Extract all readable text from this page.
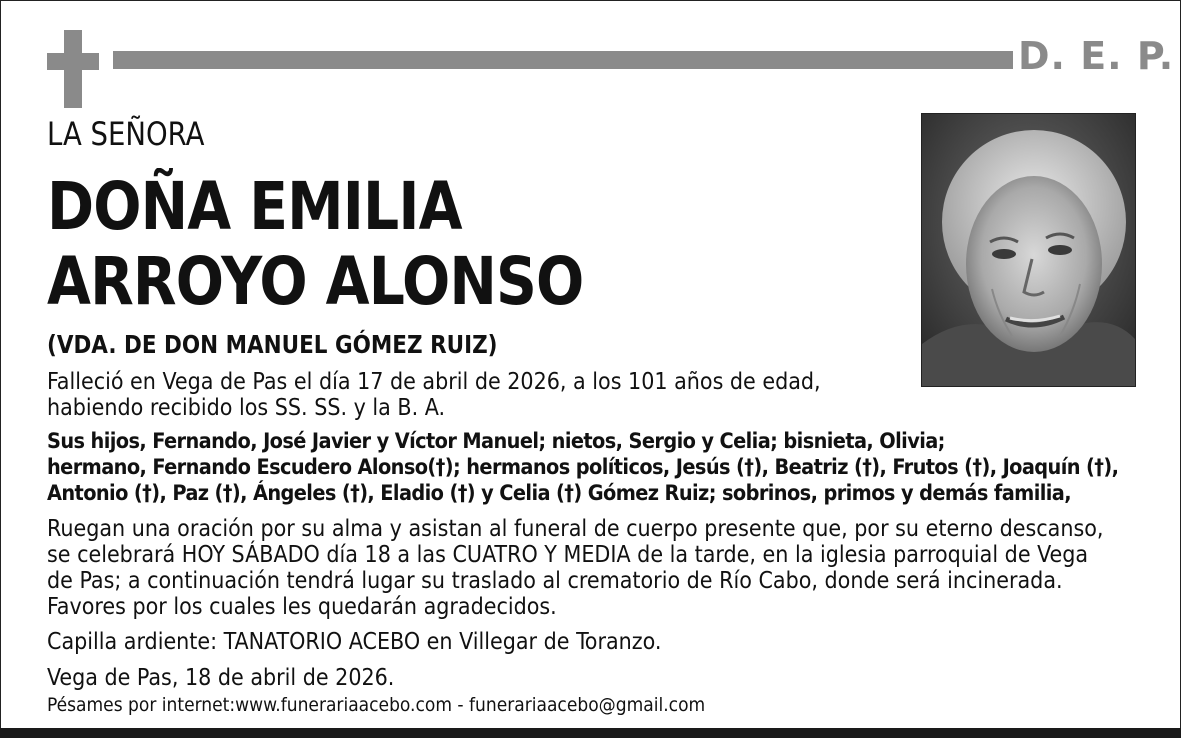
D. E. P.
LA SEÑORA
DOÑA EMILIA
ARROYO ALONSO
(VDA. DE DON MANUEL GÓMEZ RUIZ)
Falleció en Vega de Pas el día 17 de abril de 2026, a los 101 años de edad,
habiendo recibido los SS. SS. y la B. A.
Sus hijos, Fernando, José Javier y Víctor Manuel; nietos, Sergio y Celia; bisnieta, Olivia;
hermano, Fernando Escudero Alonso(†); hermanos políticos, Jesús (†), Beatriz (†), Frutos (†), Joaquín (†),
Antonio (†), Paz (†), Ángeles (†), Eladio (†) y Celia (†) Gómez Ruiz; sobrinos, primos y demás familia,
Ruegan una oración por su alma y asistan al funeral de cuerpo presente que, por su eterno descanso,
se celebrará HOY SÁBADO día 18 a las CUATRO Y MEDIA de la tarde, en la iglesia parroquial de Vega
de Pas; a continuación tendrá lugar su traslado al crematorio de Río Cabo, donde será incinerada.
Favores por los cuales les quedarán agradecidos.
Capilla ardiente: TANATORIO ACEBO en Villegar de Toranzo.
Vega de Pas, 18 de abril de 2026.
Pésames por internet:www.funerariaacebo.com - funerariaacebo@gmail.com
